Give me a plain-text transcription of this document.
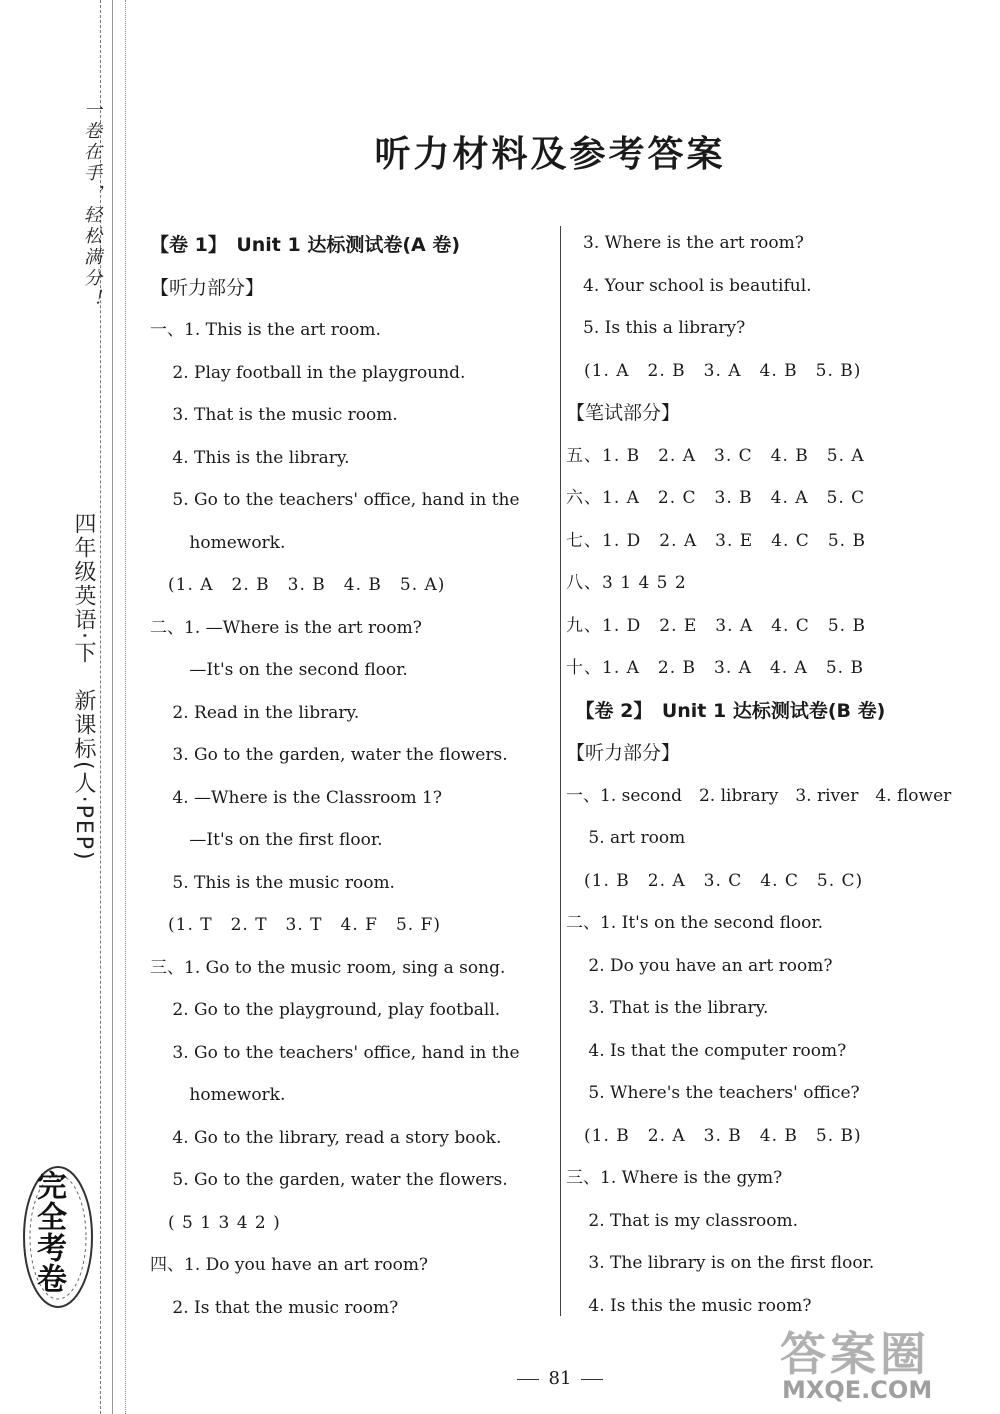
一卷在手，轻松满分！
四年级英语·下　新课标(人·PEP)
完全考卷
听力材料及参考答案
【卷 1】　Unit 1 达标测试卷(A 卷)
【听力部分】
一、1. This is the art room.
　 2. Play football in the playground.
　 3. That is the music room.
　 4. This is the library.
　 5. Go to the teachers' office, hand in the
　　 homework.
　(1. A　2. B　3. B　4. B　5. A)
二、1. —Where is the art room?
　　 —It's on the second floor.
　 2. Read in the library.
　 3. Go to the garden, water the flowers.
　 4. —Where is the Classroom 1?
　　 —It's on the first floor.
　 5. This is the music room.
　(1. T　2. T　3. T　4. F　5. F)
三、1. Go to the music room, sing a song.
　 2. Go to the playground, play football.
　 3. Go to the teachers' office, hand in the
　　 homework.
　 4. Go to the library, read a story book.
　 5. Go to the garden, water the flowers.
　( 5 1 3 4 2 )
四、1. Do you have an art room?
　 2. Is that the music room?
　3. Where is the art room?
　4. Your school is beautiful.
　5. Is this a library?
　(1. A　2. B　3. A　4. B　5. B)
【笔试部分】
五、1. B　2. A　3. C　4. B　5. A
六、1. A　2. C　3. B　4. A　5. C
七、1. D　2. A　3. E　4. C　5. B
八、3 1 4 5 2
九、1. D　2. E　3. A　4. C　5. B
十、1. A　2. B　3. A　4. A　5. B
　【卷 2】　Unit 1 达标测试卷(B 卷)
【听力部分】
一、1. second　2. library　3. river　4. flower
　 5. art room
　(1. B　2. A　3. C　4. C　5. C)
二、1. It's on the second floor.
　 2. Do you have an art room?
　 3. That is the library.
　 4. Is that the computer room?
　 5. Where's the teachers' office?
　(1. B　2. A　3. B　4. B　5. B)
三、1. Where is the gym?
　 2. That is my classroom.
　 3. The library is on the first floor.
　 4. Is this the music room?
81	答案圈
MXQE.COM
